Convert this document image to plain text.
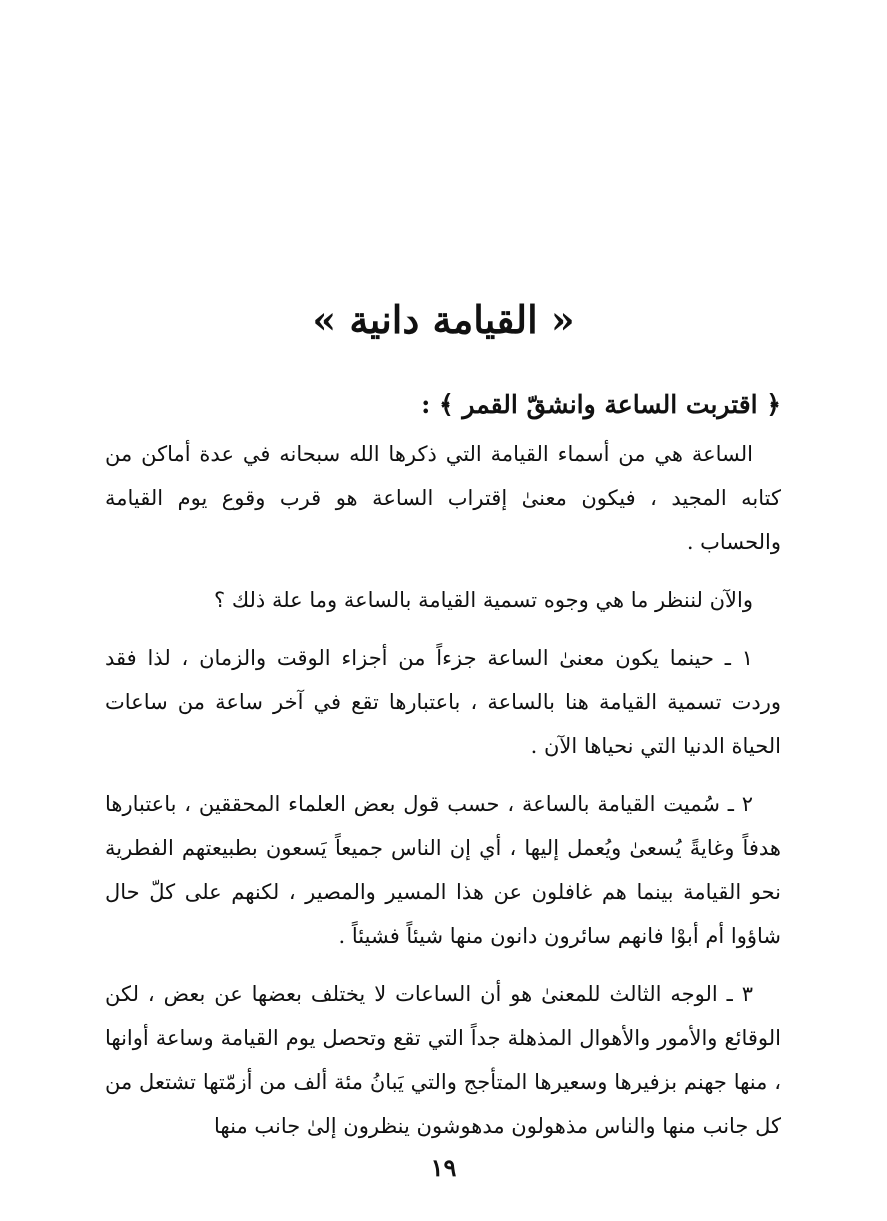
« القيامة دانية »
﴿ اقتربت الساعة وانشقّ القمر ﴾ :

الساعة هي من أسماء القيامة التي ذكرها الله سبحانه في عدة أماكن من كتابه المجيد ، فيكون معنىٰ إقتراب الساعة هو قرب وقوع يوم القيامة والحساب .

والآن لننظر ما هي وجوه تسمية القيامة بالساعة وما علة ذلك ؟

١ ـ حينما يكون معنىٰ الساعة جزءاً من أجزاء الوقت والزمان ، لذا فقد وردت تسمية القيامة هنا بالساعة ، باعتبارها تقع في آخر ساعة من ساعات الحياة الدنيا التي نحياها الآن .

٢ ـ سُميت القيامة بالساعة ، حسب قول بعض العلماء المحققين ، باعتبارها هدفاً وغايةً يُسعىٰ ويُعمل إليها ، أي إن الناس جميعاً يَسعون بطبيعتهم الفطرية نحو القيامة بينما هم غافلون عن هذا المسير والمصير ، لكنهم على كلّ حال شاؤوا أم أبوْا فانهم سائرون دانون منها شيئاً فشيئاً .

٣ ـ الوجه الثالث للمعنىٰ هو أن الساعات لا يختلف بعضها عن بعض ، لكن الوقائع والأمور والأهوال المذهلة جداً التي تقع وتحصل يوم القيامة وساعة أوانها ، منها جهنم بزفيرها وسعيرها المتأجج والتي يَبانُ مئة ألف من أزمّتها تشتعل من كل جانب منها والناس مذهولون مدهوشون ينظرون إلىٰ جانب منها

١٩
